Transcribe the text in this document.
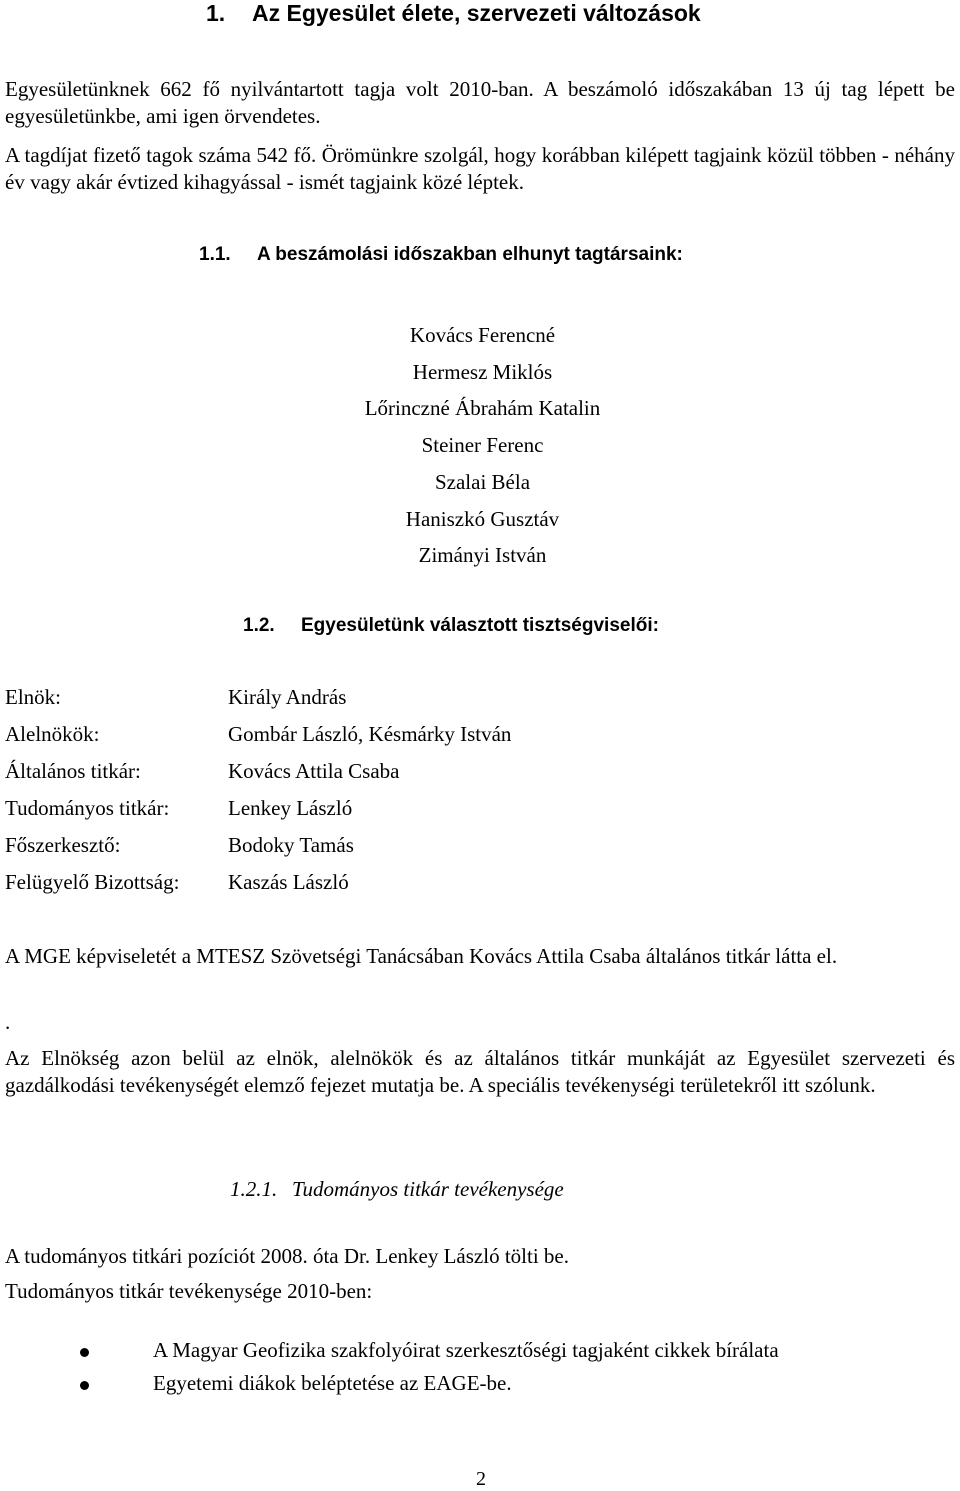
1. Az Egyesület élete, szervezeti változások
Egyesületünknek 662 fő nyilvántartott tagja volt 2010-ban. A beszámoló időszakában 13 új tag lépett be egyesületünkbe, ami igen örvendetes.
A tagdíjat fizető tagok száma 542 fő. Örömünkre szolgál, hogy korábban kilépett tagjaink közül többen - néhány év vagy akár évtized kihagyással - ismét tagjaink közé léptek.
1.1. A beszámolási időszakban elhunyt tagtársaink:
Kovács Ferencné
Hermesz Miklós
Lőrinczné Ábrahám Katalin
Steiner Ferenc
Szalai Béla
Haniszkó Gusztáv
Zimányi István
1.2. Egyesületünk választott tisztségviselői:
Elnök:	Király András
Alelnökök:	Gombár László, Késmárky István
Általános titkár:	Kovács Attila Csaba
Tudományos titkár:	Lenkey László
Főszerkesztő:	Bodoky Tamás
Felügyelő Bizottság: Kaszás László
A MGE képviseletét a MTESZ Szövetségi Tanácsában Kovács Attila Csaba általános titkár látta el.
.
Az Elnökség azon belül az elnök, alelnökök és az általános titkár munkáját az Egyesület szervezeti és gazdálkodási tevékenységét elemző fejezet mutatja be. A speciális tevékenységi területekről itt szólunk.
1.2.1. Tudományos titkár tevékenysége
A tudományos titkári pozíciót 2008. óta Dr. Lenkey László tölti be.
Tudományos titkár tevékenysége 2010-ben:
A Magyar Geofizika szakfolyóirat szerkesztőségi tagjaként cikkek bírálata
Egyetemi diákok beléptetése az EAGE-be.
2
